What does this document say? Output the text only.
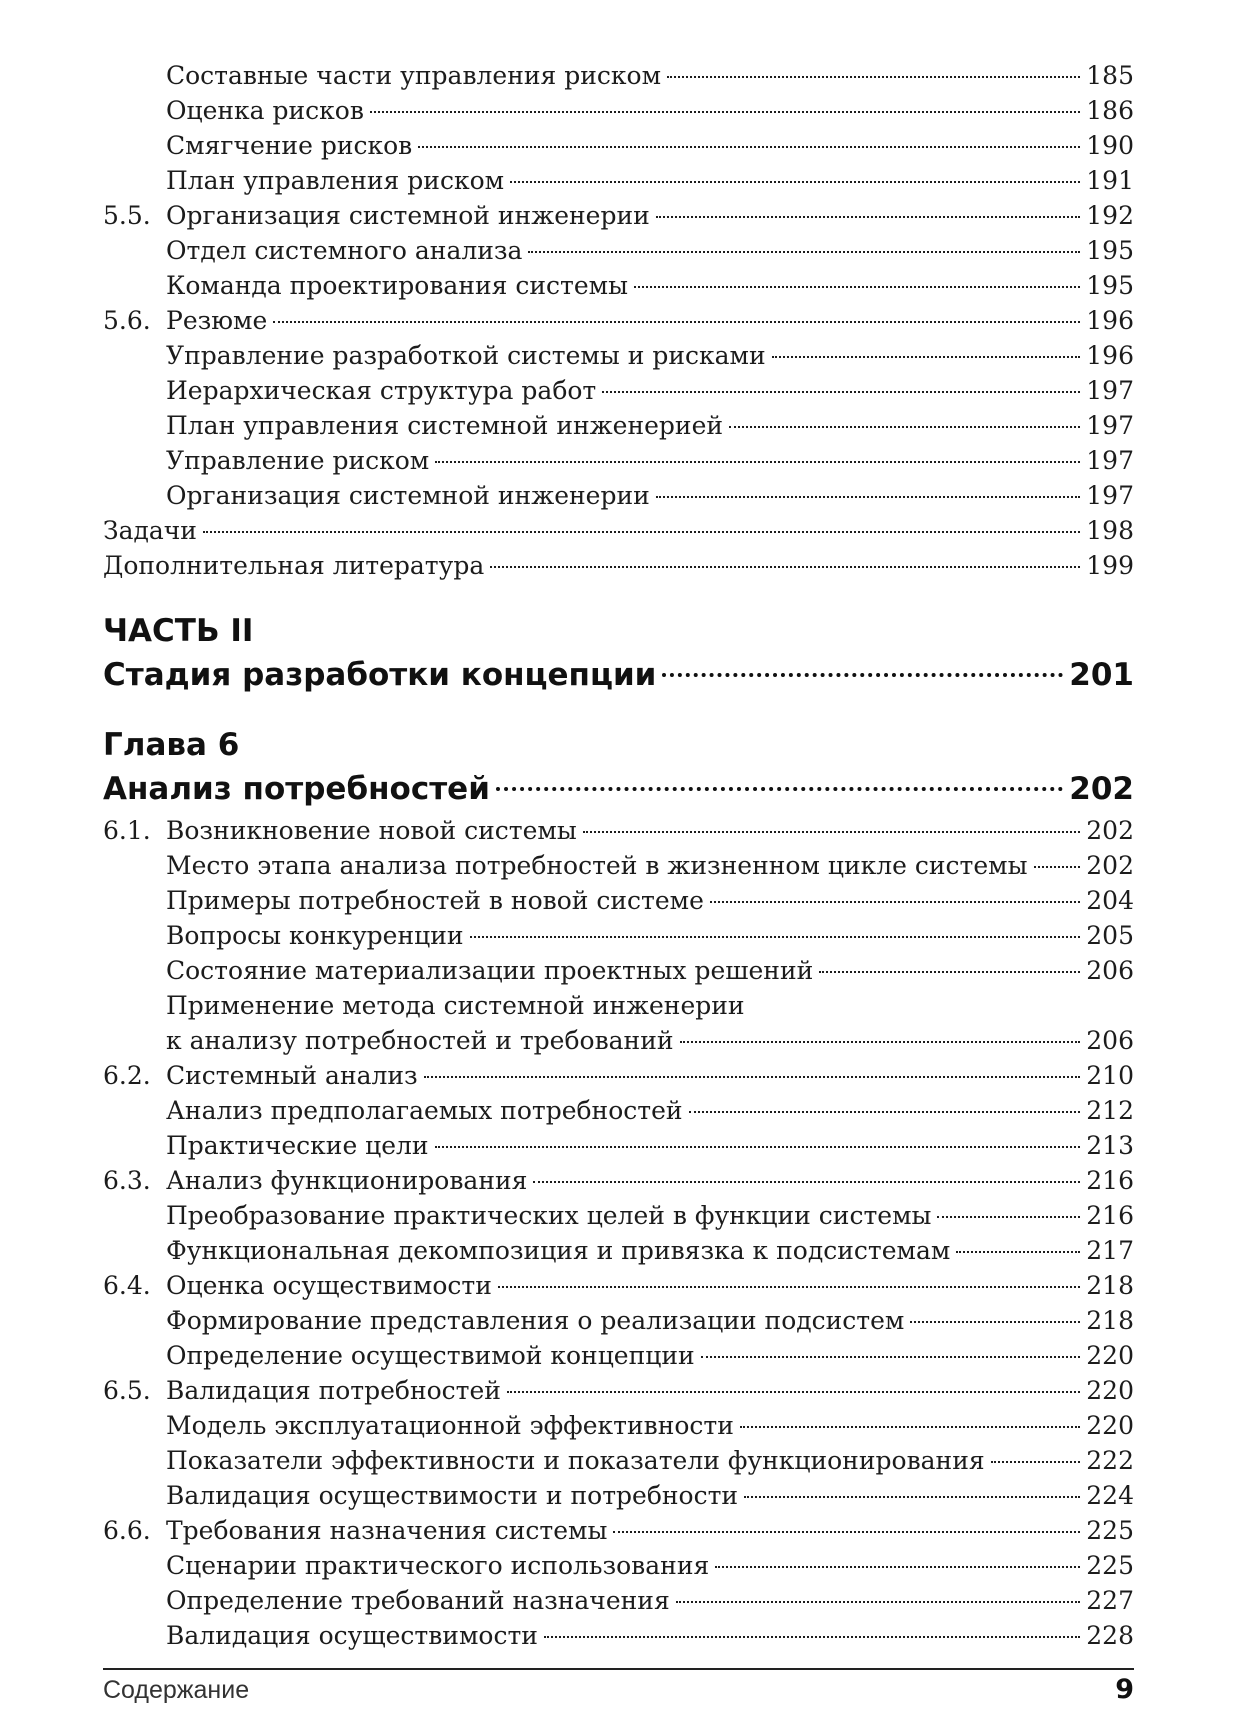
Составные части управления риском	185
Оценка рисков	186
Смягчение рисков	190
План управления риском	191
5.5. Организация системной инженерии	192
Отдел системного анализа	195
Команда проектирования системы	195
5.6. Резюме	196
Управление разработкой системы и рисками	196
Иерархическая структура работ	197
План управления системной инженерией	197
Управление риском	197
Организация системной инженерии	197
Задачи	198
Дополнительная литература	199
ЧАСТЬ II
Стадия разработки концепции	201
Глава 6
Анализ потребностей	202
6.1. Возникновение новой системы	202
Место этапа анализа потребностей в жизненном цикле системы 202
Примеры потребностей в новой системе	204
Вопросы конкуренции	205
Состояние материализации проектных решений	206
Применение метода системной инженерии
к анализу потребностей и требований	206
6.2. Системный анализ	210
Анализ предполагаемых потребностей	212
Практические цели	213
6.3. Анализ функционирования	216
Преобразование практических целей в функции системы	216
Функциональная декомпозиция и привязка к подсистемам	217
6.4. Оценка осуществимости	218
Формирование представления о реализации подсистем	218
Определение осуществимой концепции	220
6.5. Валидация потребностей	220
Модель эксплуатационной эффективности	220
Показатели эффективности и показатели функционирования	222
Валидация осуществимости и потребности	224
6.6. Требования назначения системы	225
Сценарии практического использования	225
Определение требований назначения	227
Валидация осуществимости	228
Содержание	9
